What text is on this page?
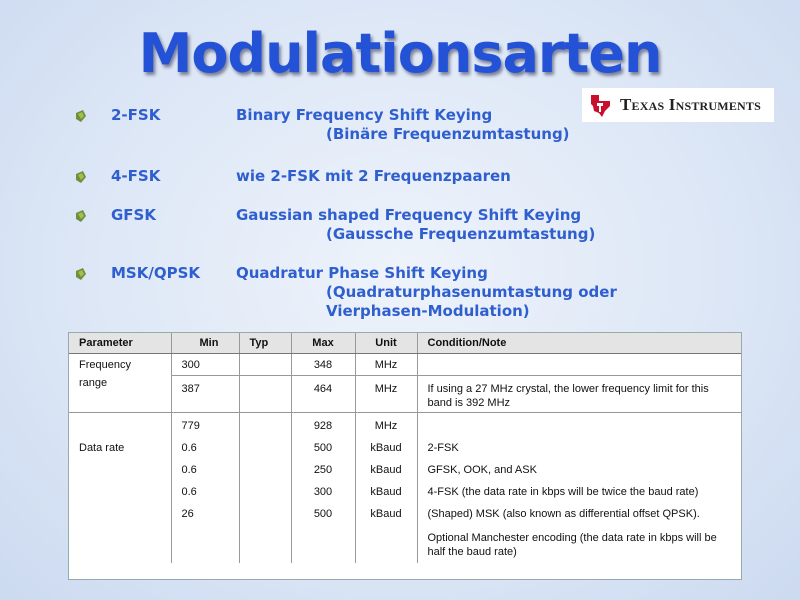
Modulationsarten
Texas Instruments
2-FSK	Binary Frequency Shift Keying
(Binäre Frequenzumtastung)
4-FSK	wie 2-FSK mit 2 Frequenzpaaren
GFSK	Gaussian shaped Frequency Shift Keying
(Gaussche Frequenzumtastung)
MSK/QPSK Quadratur Phase Shift Keying
(Quadraturphasenumtastung oder
Vierphasen-Modulation)
Parameter	Min	Typ	Max	Unit	Condition/Note
Frequency	300		348	MHz	
range	387		464	MHz	If using a 27 MHz crystal, the lower frequency limit for this band is 392 MHz
	779		928	MHz	
Data rate	0.6		500	kBaud	2-FSK
	0.6		250	kBaud	GFSK, OOK, and ASK
	0.6		300	kBaud	4-FSK (the data rate in kbps will be twice the baud rate)
	26		500	kBaud	(Shaped) MSK (also known as differential offset QPSK).
					Optional Manchester encoding (the data rate in kbps will be half the baud rate)
